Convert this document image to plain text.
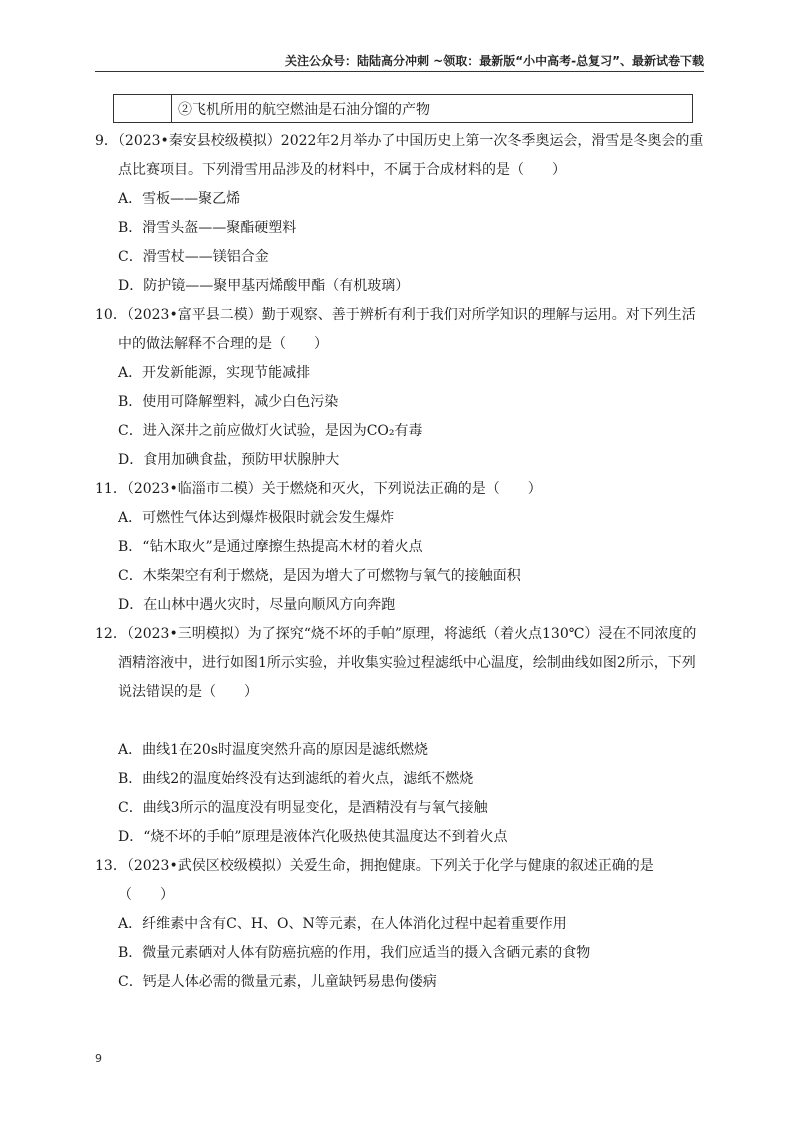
关注公众号：陆陆高分冲刺 ~领取：最新版“小中高考-总复习”、最新试卷下载
	②飞机所用的航空燃油是石油分馏的产物
9．（2023•秦安县校级模拟）2022年2月举办了中国历史上第一次冬季奥运会，滑雪是冬奥会的重
点比赛项目。下列滑雪用品涉及的材料中，不属于合成材料的是（　　）
A．雪板——聚乙烯
B．滑雪头盔——聚酯硬塑料
C．滑雪杖——镁铝合金
D．防护镜——聚甲基丙烯酸甲酯（有机玻璃）
10．（2023•富平县二模）勤于观察、善于辨析有利于我们对所学知识的理解与运用。对下列生活
中的做法解释不合理的是（　　）
A．开发新能源，实现节能减排
B．使用可降解塑料，减少白色污染
C．进入深井之前应做灯火试验，是因为CO₂有毒
D．食用加碘食盐，预防甲状腺肿大
11．（2023•临淄市二模）关于燃烧和灭火，下列说法正确的是（　　）
A．可燃性气体达到爆炸极限时就会发生爆炸
B．“钻木取火”是通过摩擦生热提高木材的着火点
C．木柴架空有利于燃烧，是因为增大了可燃物与氧气的接触面积
D．在山林中遇火灾时，尽量向顺风方向奔跑
12．（2023•三明模拟）为了探究“烧不坏的手帕”原理，将滤纸（着火点130℃）浸在不同浓度的
酒精溶液中，进行如图1所示实验，并收集实验过程滤纸中心温度，绘制曲线如图2所示，下列
说法错误的是（　　）
A．曲线1在20s时温度突然升高的原因是滤纸燃烧
B．曲线2的温度始终没有达到滤纸的着火点，滤纸不燃烧
C．曲线3所示的温度没有明显变化，是酒精没有与氧气接触
D．“烧不坏的手帕”原理是液体汽化吸热使其温度达不到着火点
13．（2023•武侯区校级模拟）关爱生命，拥抱健康。下列关于化学与健康的叙述正确的是
（　　）
A．纤维素中含有C、H、O、N等元素，在人体消化过程中起着重要作用
B．微量元素硒对人体有防癌抗癌的作用，我们应适当的摄入含硒元素的食物
C．钙是人体必需的微量元素，儿童缺钙易患佝偻病
9
